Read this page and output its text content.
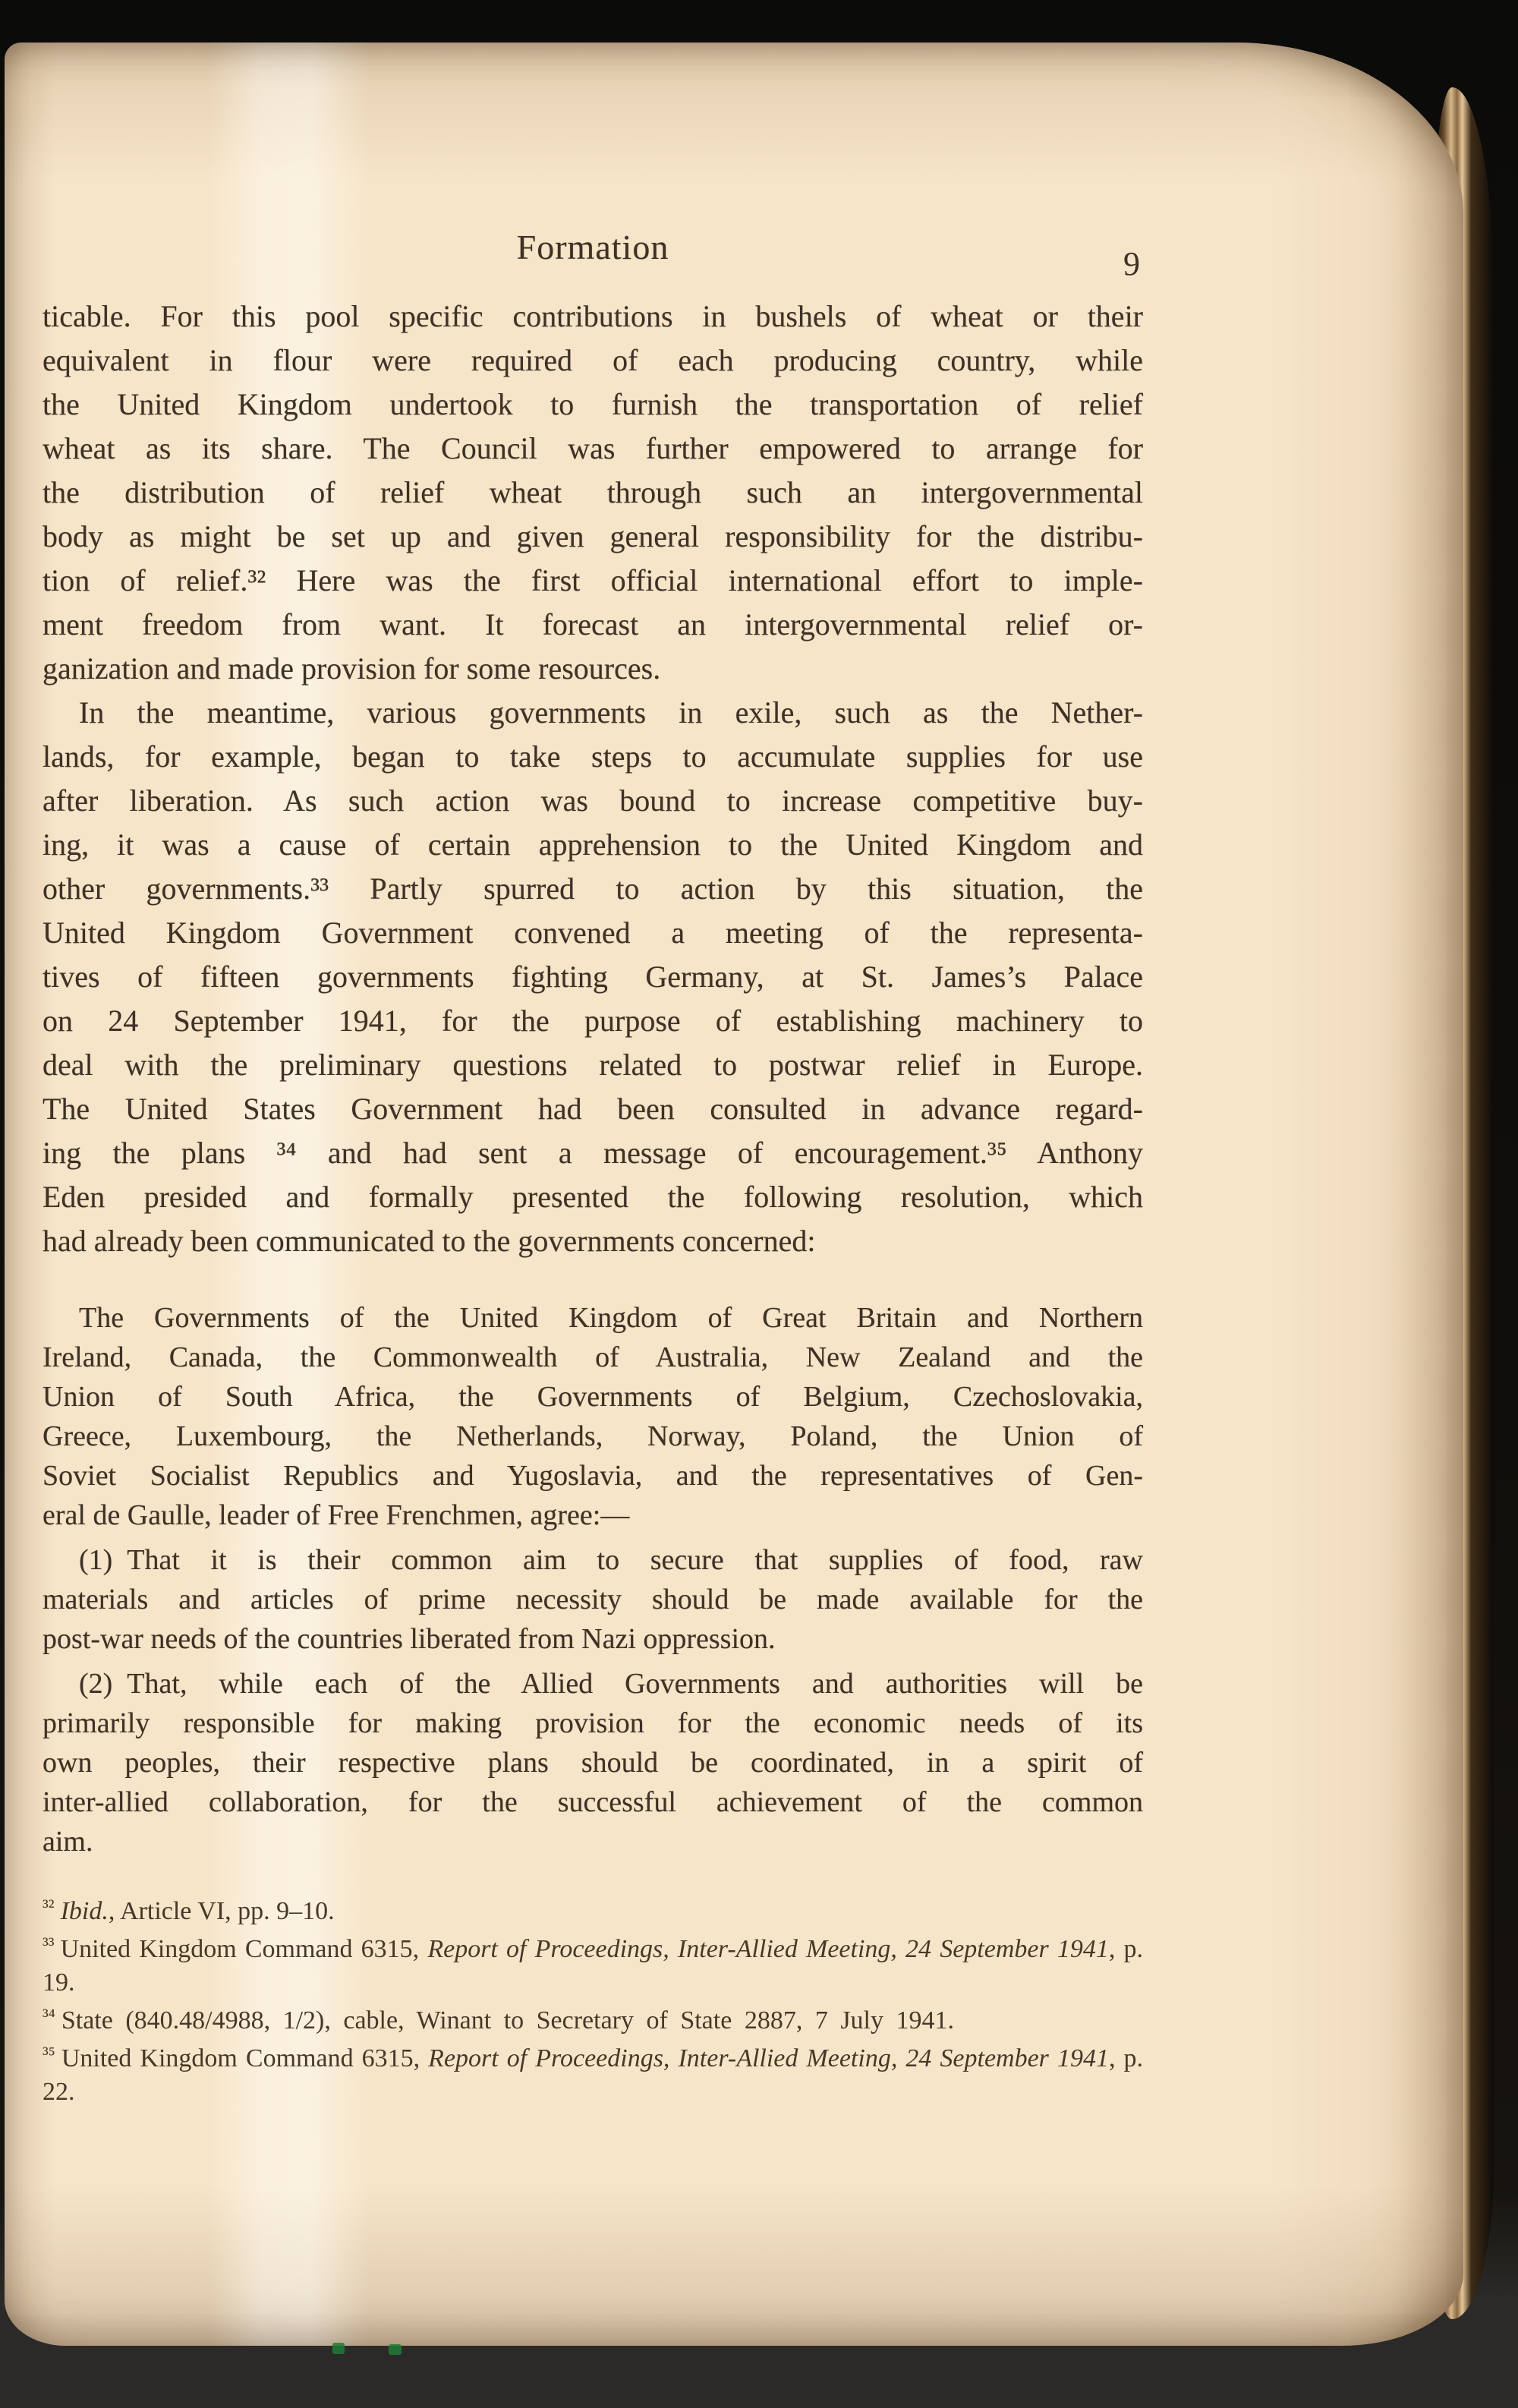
Formation	9
ticable. For this pool specific contributions in bushels of wheat or their
equivalent in flour were required of each producing country, while
the United Kingdom undertook to furnish the transportation of relief
wheat as its share. The Council was further empowered to arrange for
the distribution of relief wheat through such an intergovernmental
body as might be set up and given general responsibility for the distribu-
tion of relief.³² Here was the first official international effort to imple-
ment freedom from want. It forecast an intergovernmental relief or-
ganization and made provision for some resources.
In the meantime, various governments in exile, such as the Nether-
lands, for example, began to take steps to accumulate supplies for use
after liberation. As such action was bound to increase competitive buy-
ing, it was a cause of certain apprehension to the United Kingdom and
other governments.³³ Partly spurred to action by this situation, the
United Kingdom Government convened a meeting of the representa-
tives of fifteen governments fighting Germany, at St. James’s Palace
on 24 September 1941, for the purpose of establishing machinery to
deal with the preliminary questions related to postwar relief in Europe.
The United States Government had been consulted in advance regard-
ing the plans ³⁴ and had sent a message of encouragement.³⁵ Anthony
Eden presided and formally presented the following resolution, which
had already been communicated to the governments concerned:
The Governments of the United Kingdom of Great Britain and Northern
Ireland, Canada, the Commonwealth of Australia, New Zealand and the
Union of South Africa, the Governments of Belgium, Czechoslovakia,
Greece, Luxembourg, the Netherlands, Norway, Poland, the Union of
Soviet Socialist Republics and Yugoslavia, and the representatives of Gen-
eral de Gaulle, leader of Free Frenchmen, agree:—
(1) That it is their common aim to secure that supplies of food, raw
materials and articles of prime necessity should be made available for the
post-war needs of the countries liberated from Nazi oppression.
(2) That, while each of the Allied Governments and authorities will be
primarily responsible for making provision for the economic needs of its
own peoples, their respective plans should be coordinated, in a spirit of
inter-allied collaboration, for the successful achievement of the common
aim.
$^{^{32}}$ Ibid., Article VI, pp. 9–10.
$^{^{33}}$ United Kingdom Command 6315, Report of Proceedings, Inter-Allied Meeting, 24 September 1941, p. 19.
$^{^{34}}$ State (840.48/4988, 1/2), cable, Winant to Secretary of State 2887, 7 July 1941.
$^{^{35}}$ United Kingdom Command 6315, Report of Proceedings, Inter-Allied Meeting, 24 September 1941, p. 22.
